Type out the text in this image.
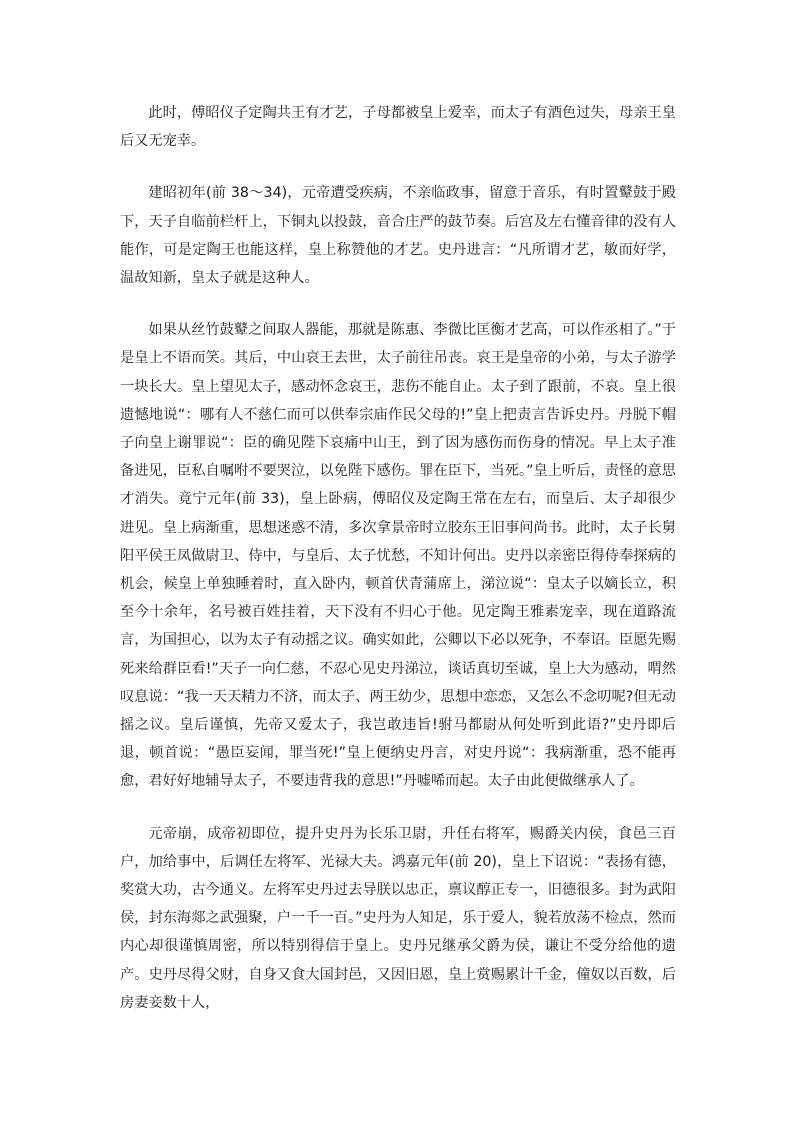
此时，傅昭仪子定陶共王有才艺，子母都被皇上爱幸，而太子有酒色过失，母亲王皇后又无宠幸。

建昭初年(前 38～34)，元帝遭受疾病，不亲临政事，留意于音乐，有时置鼙鼓于殿下，天子自临前栏杆上，下铜丸以投鼓，音合庄严的鼓节奏。后宫及左右懂音律的没有人能作，可是定陶王也能这样，皇上称赞他的才艺。史丹进言：“凡所谓才艺，敏而好学，温故知新，皇太子就是这种人。

如果从丝竹鼓鼙之间取人器能，那就是陈惠、李微比匡衡才艺高，可以作丞相了。”于是皇上不语而笑。其后，中山哀王去世，太子前往吊丧。哀王是皇帝的小弟，与太子游学一块长大。皇上望见太子，感动怀念哀王，悲伤不能自止。太子到了跟前，不哀。皇上很遗憾地说“：哪有人不慈仁而可以供奉宗庙作民父母的!”皇上把责言告诉史丹。丹脱下帽子向皇上谢罪说“：臣的确见陛下哀痛中山王，到了因为感伤而伤身的情况。早上太子准备进见，臣私自嘱咐不要哭泣，以免陛下感伤。罪在臣下，当死。”皇上听后，责怪的意思才消失。竟宁元年(前 33)，皇上卧病，傅昭仪及定陶王常在左右，而皇后、太子却很少进见。皇上病渐重，思想迷惑不清，多次拿景帝时立胶东王旧事问尚书。此时，太子长舅阳平侯王凤做尉卫、侍中，与皇后、太子忧愁，不知计何出。史丹以亲密臣得侍奉探病的机会，候皇上单独睡着时，直入卧内，顿首伏青蒲席上，涕泣说“：皇太子以嫡长立，积至今十余年，名号被百姓挂着，天下没有不归心于他。见定陶王雅素宠幸，现在道路流言，为国担心，以为太子有动摇之议。确实如此，公卿以下必以死争，不奉诏。臣愿先赐死来给群臣看!”天子一向仁慈，不忍心见史丹涕泣，谈话真切至诚，皇上大为感动，喟然叹息说：“我一天天精力不济，而太子、两王幼少，思想中恋恋，又怎么不念叨呢?但无动摇之议。皇后谨慎，先帝又爱太子，我岂敢违旨!驸马都尉从何处听到此语?”史丹即后退，顿首说：“愚臣妄闻，罪当死!”皇上便纳史丹言，对史丹说“：我病渐重，恐不能再愈，君好好地辅导太子，不要违背我的意思!”丹嘘唏而起。太子由此便做继承人了。

元帝崩，成帝初即位，提升史丹为长乐卫尉，升任右将军，赐爵关内侯，食邑三百户，加给事中，后调任左将军、光禄大夫。鸿嘉元年(前 20)，皇上下诏说：“表扬有德，奖赏大功，古今通义。左将军史丹过去导朕以忠正，禀议醇正专一，旧德很多。封为武阳侯，封东海郯之武强聚，户一千一百。”史丹为人知足，乐于爱人，貌若放荡不检点，然而内心却很谨慎周密，所以特别得信于皇上。史丹兄继承父爵为侯，谦让不受分给他的遗产。史丹尽得父财，自身又食大国封邑，又因旧恩，皇上赏赐累计千金，僮奴以百数，后房妻妾数十人，
